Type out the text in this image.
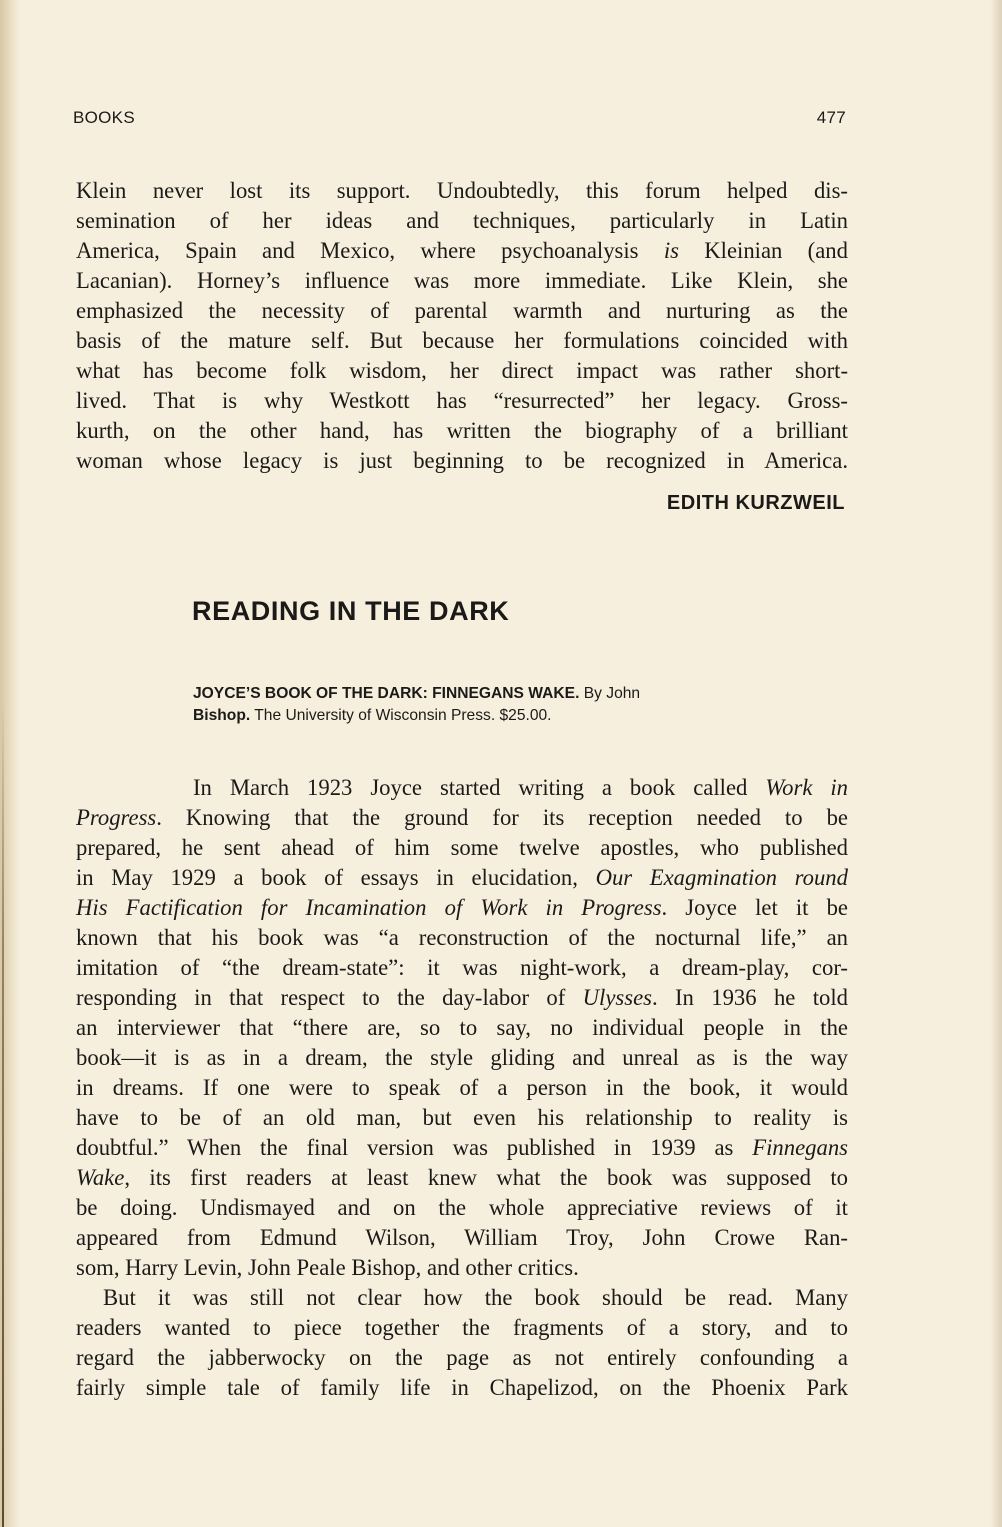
BOOKS	477
Klein never lost its support. Undoubtedly, this forum helped dis-
semination of her ideas and techniques, particularly in Latin
America, Spain and Mexico, where psychoanalysis is Kleinian (and
Lacanian). Horney’s influence was more immediate. Like Klein, she
emphasized the necessity of parental warmth and nurturing as the
basis of the mature self. But because her formulations coincided with
what has become folk wisdom, her direct impact was rather short-
lived. That is why Westkott has “resurrected” her legacy. Gross-
kurth, on the other hand, has written the biography of a brilliant
woman whose legacy is just beginning to be recognized in America.
EDITH KURZWEIL
READING IN THE DARK
JOYCE’S BOOK OF THE DARK: FINNEGANS WAKE. By John
Bishop. The University of Wisconsin Press. $25.00.
In March 1923 Joyce started writing a book called Work in
Progress. Knowing that the ground for its reception needed to be
prepared, he sent ahead of him some twelve apostles, who published
in May 1929 a book of essays in elucidation, Our Exagmination round
His Factification for Incamination of Work in Progress. Joyce let it be
known that his book was “a reconstruction of the nocturnal life,” an
imitation of “the dream-state”: it was night-work, a dream-play, cor-
responding in that respect to the day-labor of Ulysses. In 1936 he told
an interviewer that “there are, so to say, no individual people in the
book—it is as in a dream, the style gliding and unreal as is the way
in dreams. If one were to speak of a person in the book, it would
have to be of an old man, but even his relationship to reality is
doubtful.” When the final version was published in 1939 as Finnegans
Wake, its first readers at least knew what the book was supposed to
be doing. Undismayed and on the whole appreciative reviews of it
appeared from Edmund Wilson, William Troy, John Crowe Ran-
som, Harry Levin, John Peale Bishop, and other critics.
But it was still not clear how the book should be read. Many
readers wanted to piece together the fragments of a story, and to
regard the jabberwocky on the page as not entirely confounding a
fairly simple tale of family life in Chapelizod, on the Phoenix Park
